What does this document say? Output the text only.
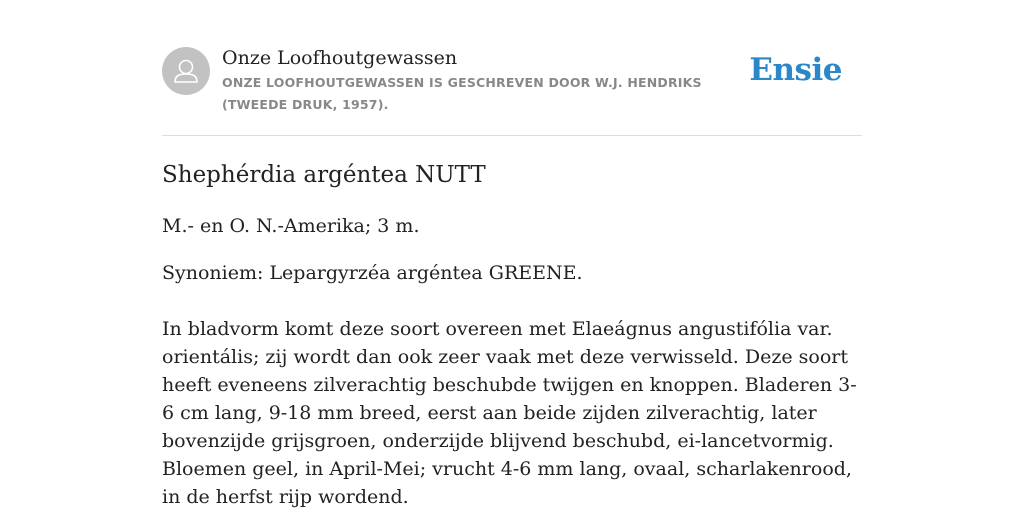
Onze Loofhoutgewassen
ONZE LOOFHOUTGEWASSEN IS GESCHREVEN DOOR W.J. HENDRIKS (TWEEDE DRUK, 1957).
Ensie
Shephérdia argéntea NUTT

M.- en O. N.-Amerika; 3 m.

Synoniem: Lepargyrzéa argéntea GREENE.

In bladvorm komt deze soort overeen met Elaeágnus angustifólia var. orientális; zij wordt dan ook zeer vaak met deze verwisseld. Deze soort heeft eveneens zilverachtig beschubde twijgen en knoppen. Bladeren 3-6 cm lang, 9-18 mm breed, eerst aan beide zijden zilverachtig, later bovenzijde grijsgroen, onderzijde blijvend beschubd, ei-lancetvormig. Bloemen geel, in April-Mei; vrucht 4-6 mm lang, ovaal, scharlakenrood, in de herfst rijp wordend.
